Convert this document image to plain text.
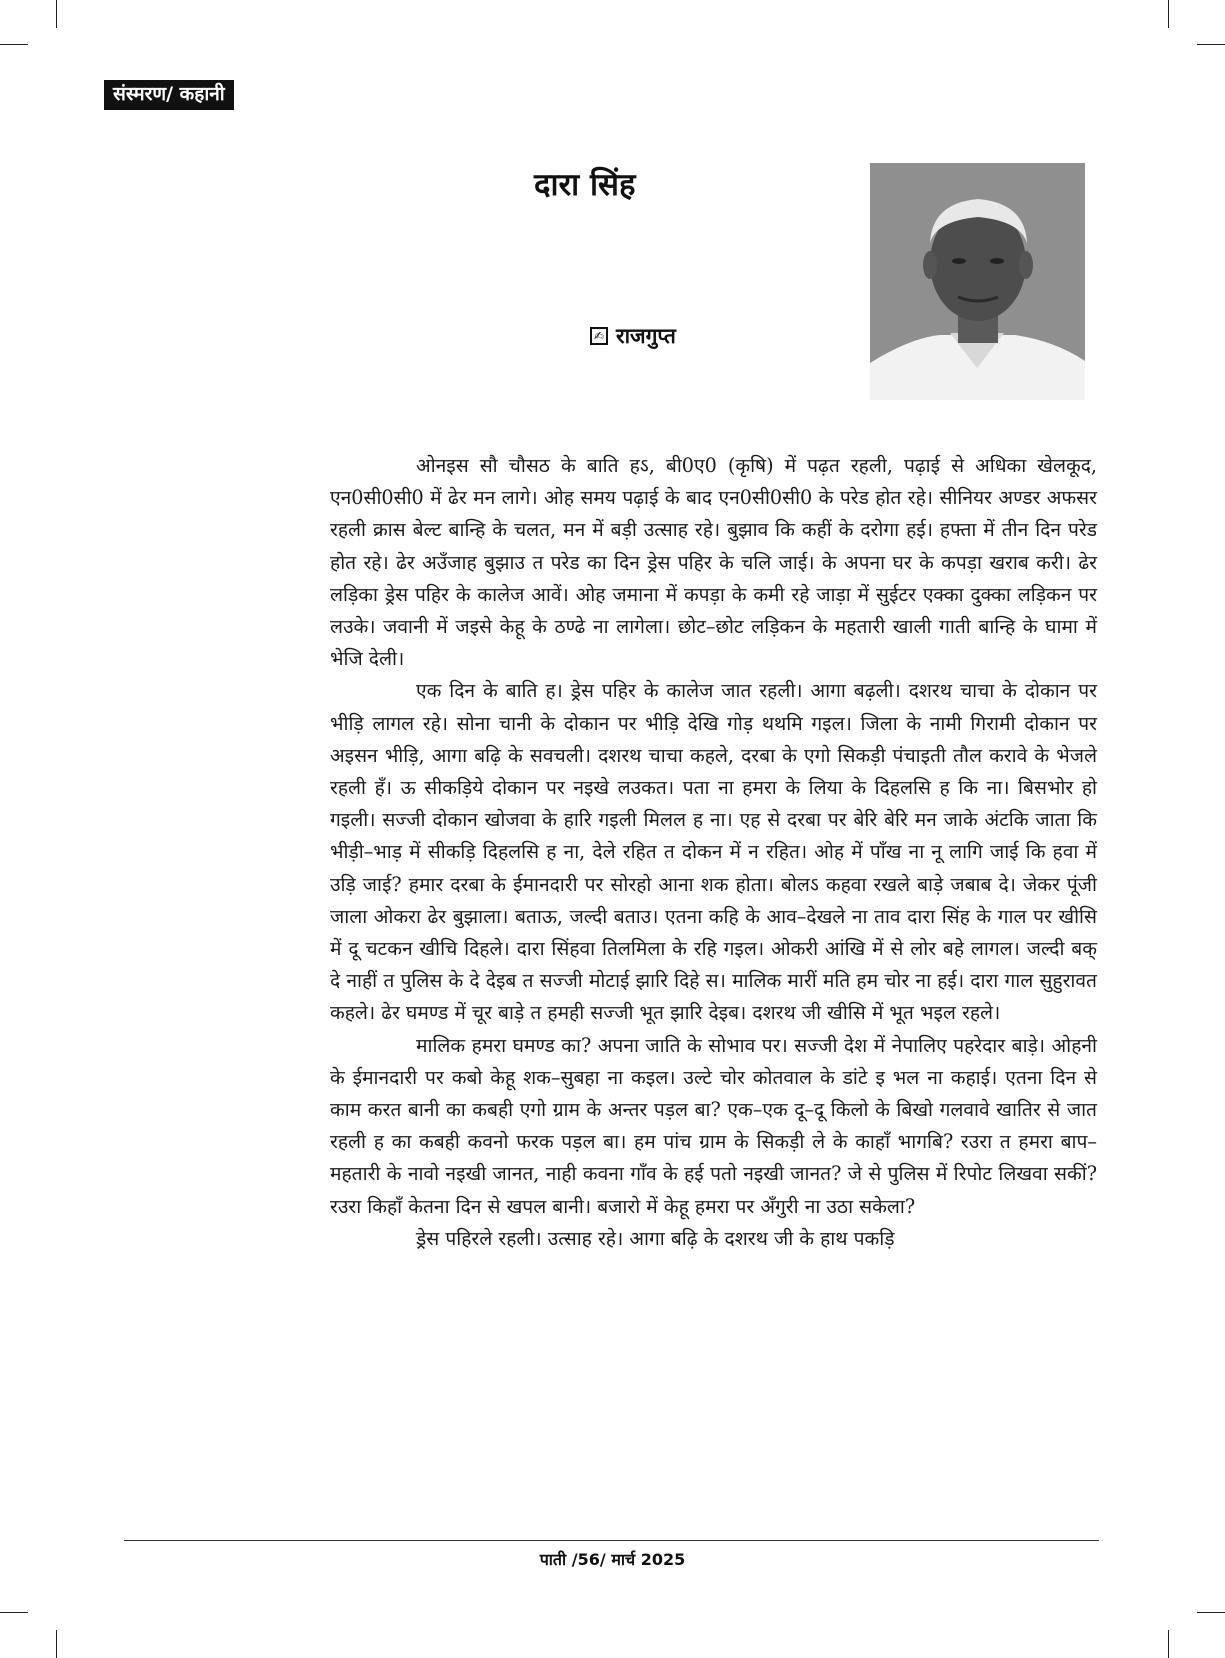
संस्मरण/ कहानी
दारा सिंह
✍ राजगुप्त

ओनइस सौ चौसठ के बाति हऽ, बी0ए0 (कृषि) में पढ़त रहली, पढ़ाई से अधिका खेलकूद, एन0सी0सी0 में ढेर मन लागे। ओह समय पढ़ाई के बाद एन0सी0सी0 के परेड होत रहे। सीनियर अण्डर अफसर रहली क्रास बेल्ट बान्हि के चलत, मन में बड़ी उत्साह रहे। बुझाव कि कहीं के दरोगा हई। हफ्ता में तीन दिन परेड होत रहे। ढेर अउँजाह बुझाउ त परेड का दिन ड्रेस पहिर के चलि जाई। के अपना घर के कपड़ा खराब करी। ढेर लड़िका ड्रेस पहिर के कालेज आवें। ओह जमाना में कपड़ा के कमी रहे जाड़ा में सुईटर एक्का दुक्का लड़िकन पर लउके। जवानी में जइसे केहू के ठण्ढे ना लागेला। छोट–छोट लड़िकन के महतारी खाली गाती बान्हि के घामा में भेजि देली।

एक दिन के बाति ह। ड्रेस पहिर के कालेज जात रहली। आगा बढ़ली। दशरथ चाचा के दोकान पर भीड़ि लागल रहे। सोना चानी के दोकान पर भीड़ि देखि गोड़ थथमि गइल। जिला के नामी गिरामी दोकान पर अइसन भीड़ि, आगा बढ़ि के सवचली। दशरथ चाचा कहले, दरबा के एगो सिकड़ी पंचाइती तौल करावे के भेजले रहली हँ। ऊ सीकड़िये दोकान पर नइखे लउकत। पता ना हमरा के लिया के दिहलसि ह कि ना। बिसभोर हो गइली। सज्जी दोकान खोजवा के हारि गइली मिलल ह ना। एह से दरबा पर बेरि बेरि मन जाके अंटकि जाता कि भीड़ी–भाड़ में सीकड़ि दिहलसि ह ना, देले रहित त दोकन में न रहित। ओह में पाँख ना नू लागि जाई कि हवा में उड़ि जाई? हमार दरबा के ईमानदारी पर सोरहो आना शक होता। बोलऽ कहवा रखले बाड़े जबाब दे। जेकर पूंजी जाला ओकरा ढेर बुझाला। बताऊ, जल्दी बताउ। एतना कहि के आव–देखले ना ताव दारा सिंह के गाल पर खीसि में दू चटकन खीचि दिहले। दारा सिंहवा तिलमिला के रहि गइल। ओकरी आंखि में से लोर बहे लागल। जल्दी बक् दे नाहीं त पुलिस के दे देइब त सज्जी मोटाई झारि दिहे स। मालिक मारीं मति हम चोर ना हई। दारा गाल सुहुरावत कहले। ढेर घमण्ड में चूर बाड़े त हमही सज्जी भूत झारि देइब। दशरथ जी खीसि में भूत भइल रहले।

मालिक हमरा घमण्ड का? अपना जाति के सोभाव पर। सज्जी देश में नेपालिए पहरेदार बाड़े। ओहनी के ईमानदारी पर कबो केहू शक–सुबहा ना कइल। उल्टे चोर कोतवाल के डांटे इ भल ना कहाई। एतना दिन से काम करत बानी का कबही एगो ग्राम के अन्तर पड़ल बा? एक–एक दू–दू किलो के बिखो गलवावे खातिर से जात रहली ह का कबही कवनो फरक पड़ल बा। हम पांच ग्राम के सिकड़ी ले के काहाँ भागबि? रउरा त हमरा बाप–महतारी के नावो नइखी जानत, नाही कवना गाँव के हई पतो नइखी जानत? जे से पुलिस में रिपोट लिखवा सकीं? रउरा किहाँ केतना दिन से खपल बानी। बजारो में केहू हमरा पर अँगुरी ना उठा सकेला?

ड्रेस पहिरले रहली। उत्साह रहे। आगा बढ़ि के दशरथ जी के हाथ पकड़ि

पाती /56/ मार्च 2025
